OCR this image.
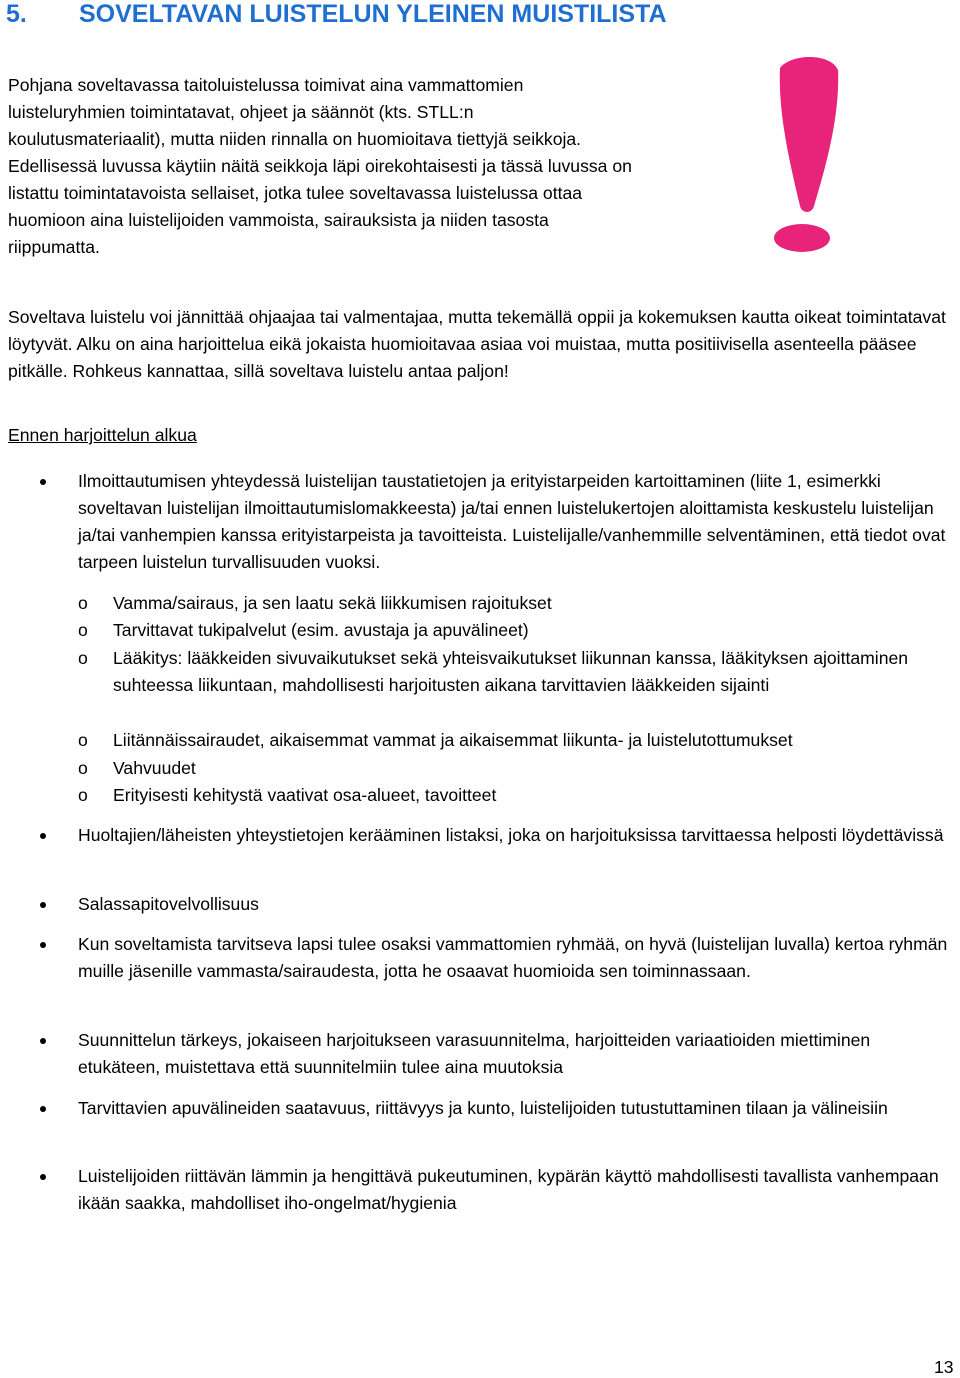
5. SOVELTAVAN LUISTELUN YLEINEN MUISTILISTA

Pohjana soveltavassa taitoluistelussa toimivat aina vammattomien luisteluryhmien toimintatavat, ohjeet ja säännöt (kts. STLL:n koulutusmateriaalit), mutta niiden rinnalla on huomioitava tiettyjä seikkoja. Edellisessä luvussa käytiin näitä seikkoja läpi oirekohtaisesti ja tässä luvussa on listattu toimintatavoista sellaiset, jotka tulee soveltavassa luistelussa ottaa huomioon aina luistelijoiden vammoista, sairauksista ja niiden tasosta riippumatta.

Soveltava luistelu voi jännittää ohjaajaa tai valmentajaa, mutta tekemällä oppii ja kokemuksen kautta oikeat toimintatavat löytyvät. Alku on aina harjoittelua eikä jokaista huomioitavaa asiaa voi muistaa, mutta positiivisella asenteella pääsee pitkälle. Rohkeus kannattaa, sillä soveltava luistelu antaa paljon!

Ennen harjoittelun alkua

Ilmoittautumisen yhteydessä luistelijan taustatietojen ja erityistarpeiden kartoittaminen (liite 1, esimerkki soveltavan luistelijan ilmoittautumislomakkeesta) ja/tai ennen luistelukertojen aloittamista keskustelu luistelijan ja/tai vanhempien kanssa erityistarpeista ja tavoitteista. Luistelijalle/vanhemmille selventäminen, että tiedot ovat tarpeen luistelun turvallisuuden vuoksi.

o Vamma/sairaus, ja sen laatu sekä liikkumisen rajoitukset

o Tarvittavat tukipalvelut (esim. avustaja ja apuvälineet)

o Lääkitys: lääkkeiden sivuvaikutukset sekä yhteisvaikutukset liikunnan kanssa, lääkityksen ajoittaminen suhteessa liikuntaan, mahdollisesti harjoitusten aikana tarvittavien lääkkeiden sijainti

o Liitännäissairaudet, aikaisemmat vammat ja aikaisemmat liikunta- ja luistelutottumukset

o Vahvuudet

o Erityisesti kehitystä vaativat osa-alueet, tavoitteet

Huoltajien/läheisten yhteystietojen kerääminen listaksi, joka on harjoituksissa tarvittaessa helposti löydettävissä

Salassapitovelvollisuus

Kun soveltamista tarvitseva lapsi tulee osaksi vammattomien ryhmää, on hyvä (luistelijan luvalla) kertoa ryhmän muille jäsenille vammasta/sairaudesta, jotta he osaavat huomioida sen toiminnassaan.

Suunnittelun tärkeys, jokaiseen harjoitukseen varasuunnitelma, harjoitteiden variaatioiden miettiminen etukäteen, muistettava että suunnitelmiin tulee aina muutoksia

Tarvittavien apuvälineiden saatavuus, riittävyys ja kunto, luistelijoiden tutustuttaminen tilaan ja välineisiin

Luistelijoiden riittävän lämmin ja hengittävä pukeutuminen, kypärän käyttö mahdollisesti tavallista vanhempaan ikään saakka, mahdolliset iho-ongelmat/hygienia

13
